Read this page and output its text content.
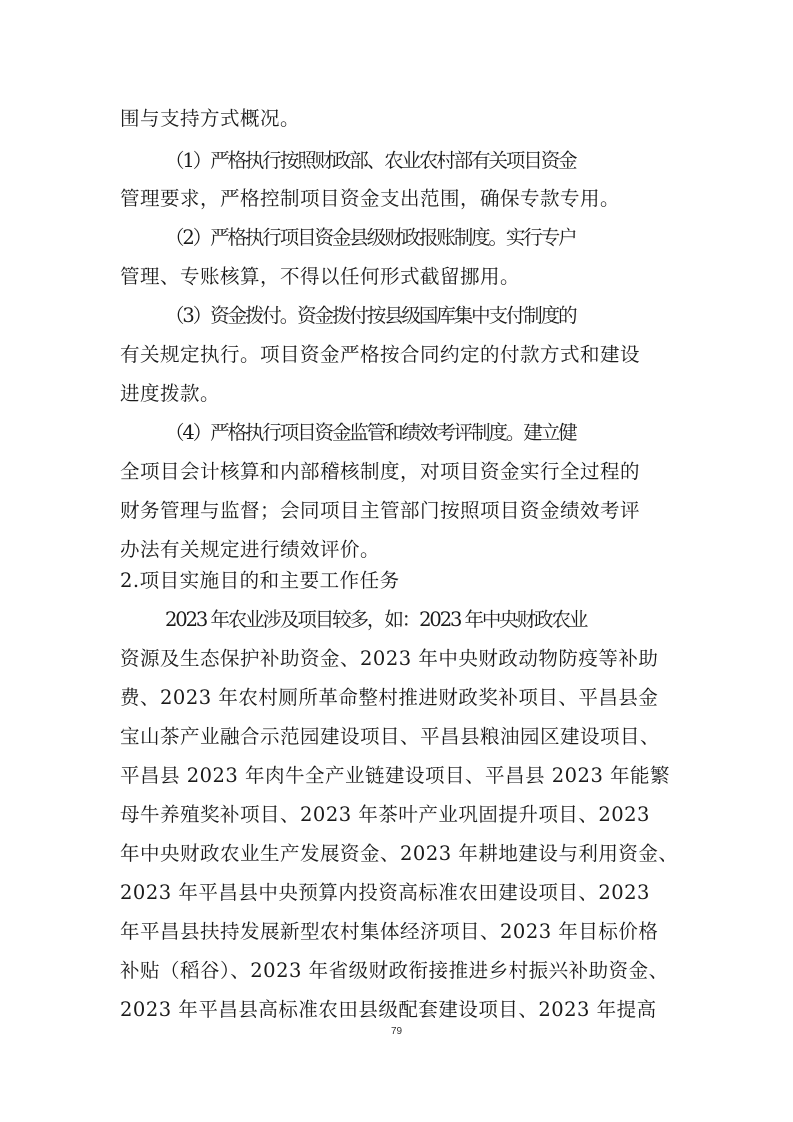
围与支持方式概况。
（1）严格执行按照财政部、农业农村部有关项目资金
管理要求，严格控制项目资金支出范围，确保专款专用。
（2）严格执行项目资金县级财政报账制度。实行专户
管理、专账核算，不得以任何形式截留挪用。
（3）资金拨付。资金拨付按县级国库集中支付制度的
有关规定执行。项目资金严格按合同约定的付款方式和建设
进度拨款。
（4）严格执行项目资金监管和绩效考评制度。建立健
全项目会计核算和内部稽核制度，对项目资金实行全过程的
财务管理与监督；会同项目主管部门按照项目资金绩效考评
办法有关规定进行绩效评价。
2.项目实施目的和主要工作任务
2023 年农业涉及项目较多，如：2023 年中央财政农业
资源及生态保护补助资金、2023 年中央财政动物防疫等补助
费、2023 年农村厕所革命整村推进财政奖补项目、平昌县金
宝山茶产业融合示范园建设项目、平昌县粮油园区建设项目、
平昌县 2023 年肉牛全产业链建设项目、平昌县 2023 年能繁
母牛养殖奖补项目、2023 年茶叶产业巩固提升项目、2023
年中央财政农业生产发展资金、2023 年耕地建设与利用资金、
2023 年平昌县中央预算内投资高标准农田建设项目、2023
年平昌县扶持发展新型农村集体经济项目、2023 年目标价格
补贴（稻谷）、2023 年省级财政衔接推进乡村振兴补助资金、
2023 年平昌县高标准农田县级配套建设项目、2023 年提高
79
